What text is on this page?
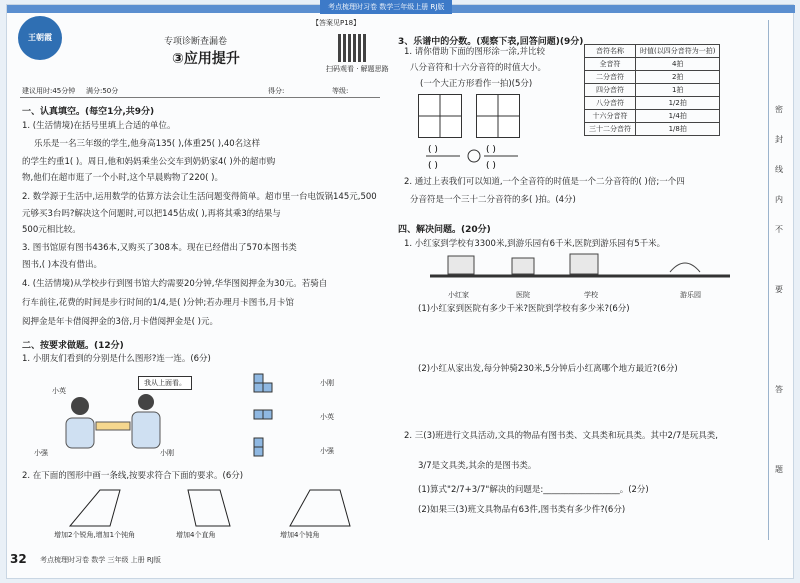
考点梳理时习卷 数学三年级上册 RJ版
王朝霞
【答案见P18】
专项诊断查漏卷
③应用提升
扫码观看 · 解题思路
建议用时:45分钟 满分:50分	得分:	等级:
一、认真填空。(每空1分,共9分)
1. (生活情境)在括号里填上合适的单位。
乐乐是一名三年级的学生,他身高135( ),体重25( ),40名这样
的学生约重1( )。周日,他和妈妈乘坐公交车到奶奶家4( )外的超市购
物,他们在超市逛了一个小时,这个早晨购物了220( )。
2. 数学源于生活中,运用数学的估算方法会让生活问题变得简单。超市里一台电饭锅145元,500
元够买3台吗?解决这个问题时,可以把145估成( ),再将其乘3的结果与
500元相比较。
3. 图书馆原有图书436本,又购买了308本。现在已经借出了570本图书类
图书,( )本没有借出。
4. (生活情境)从学校步行到图书馆大约需要20分钟,华华图阅押金为30元。若骑自
行车前往,花费的时间是步行时间的1/4,是( )分钟;若办理月卡图书,月卡馆
阅押金是年卡借阅押金的3倍,月卡借阅押金是( )元。
二、按要求做题。(12分)
1. 小朋友们看到的分别是什么图形?连一连。(6分)
我从上面看。
小英
小强	小刚
小刚
小英
小强
2. 在下面的图形中画一条线,按要求符合下面的要求。(6分)
增加2个锐角,增加1个钝角	增加4个直角	增加4个钝角
3、乐谱中的分数。(观察下表,回答问题)(9分)
1. 请你借助下面的图形涂一涂,并比较
八分音符和十六分音符的时值大小。
(一个大正方形看作一拍)(5分)
( )
( )
( )
( )
音符名称	时值(以四分音符为一拍)
全音符	4拍
二分音符	2拍
四分音符	1拍
八分音符	1/2拍
十六分音符	1/4拍
三十二分音符	1/8拍
2. 通过上表我们可以知道,一个全音符的时值是一个二分音符的( )倍;一个四
分音符是一个三十二分音符的多( )拍。(4分)
四、解决问题。(20分)
1. 小红家到学校有3300米,到游乐园有6千米,医院到游乐园有5千米。
小红家	医院	学校	游乐园
(1)小红家到医院有多少千米?医院到学校有多少米?(6分)
(2)小红从家出发,每分钟骑230米,5分钟后小红离哪个地方最近?(6分)
2. 三(3)班进行文具活动,文具的物品有图书类、文具类和玩具类。其中2/7是玩具类,
3/7是文具类,其余的是图书类。
(1)算式"2/7+3/7"解决的问题是:__________________。(2分)
(2)如果三(3)班文具物品有63件,图书类有多少件?(6分)
密
封
线
内
不
要
答
题
32 考点梳理时习卷 数学 三年级 上册 RJ版
